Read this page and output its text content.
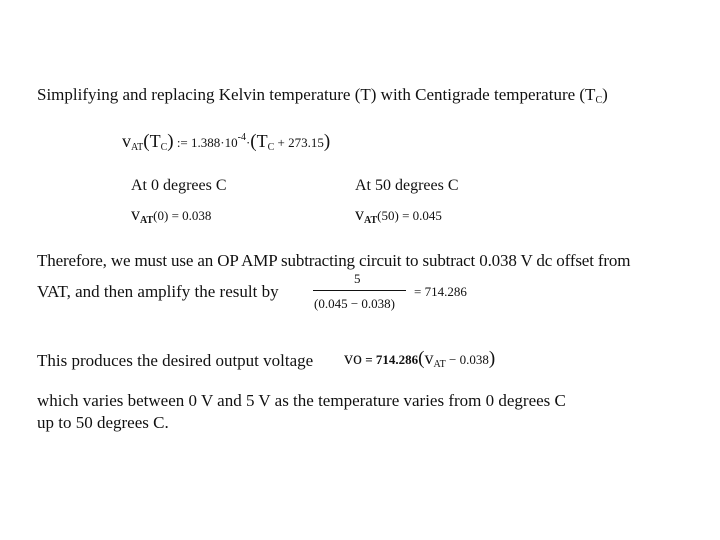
Simplifying and replacing Kelvin temperature (T) with Centigrade temperature $(T_C)$
$v_{AT}(T_C)$ := $1.388\cdot 10^{-4}\cdot(T_C + 273.15)$
At 0 degrees C	At 50 degrees C
$v_{AT}(0) = 0.038$	$v_{AT}(50) = 0.045$
Therefore, we must use an OP AMP subtracting circuit to subtract 0.038 V dc offset from
VAT, and then amplify the result by
5
(0.045 − 0.038)
= 714.286
This produces the desired output voltage vo = $714.286(v_{AT} - 0.038)$
which varies between 0 V and 5 V as the temperature varies from 0 degrees C
up to 50 degrees C.
